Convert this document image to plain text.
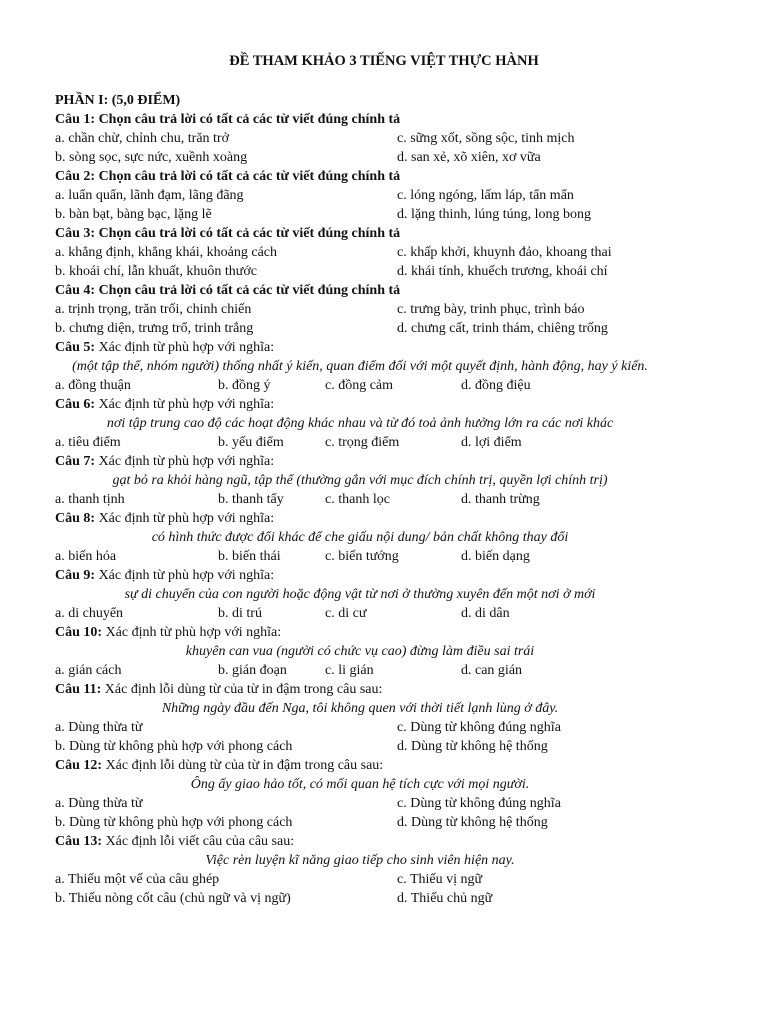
ĐỀ THAM KHẢO 3 TIẾNG VIỆT THỰC HÀNH
PHẦN I: (5,0 ĐIỂM)
Câu 1: Chọn câu trả lời có tất cả các từ viết đúng chính tả
a. chần chừ, chỉnh chu, trăn trở	c. sững xốt, sồng sộc, tinh mịch
b. sòng sọc, sực nức, xuềnh xoàng	d. san xẻ, xõ xiên, xơ vữa
Câu 2: Chọn câu trả lời có tất cả các từ viết đúng chính tả
a. luẩn quẩn, lãnh đạm, lãng đãng	c. lóng ngóng, lấm láp, tẩn mẩn
b. bàn bạt, bàng bạc, lặng lẽ	d. lặng thinh, lúng túng, long bong
Câu 3: Chọn câu trả lời có tất cả các từ viết đúng chính tả
a. khẳng định, khẳng khái, khoảng cách	c. khấp khởi, khuynh đảo, khoang thai
b. khoái chí, lẫn khuất, khuôn thước	d. khái tính, khuếch trương, khoái chí
Câu 4: Chọn câu trả lời có tất cả các từ viết đúng chính tả
a. trịnh trọng, trăn trối, chinh chiến	c. trưng bày, trinh phục, trình báo
b. chưng diện, trưng trổ, trinh trắng	d. chưng cất, trinh thám, chiêng trống
Câu 5: Xác định từ phù hợp với nghĩa:
(một tập thể, nhóm người) thống nhất ý kiến, quan điểm đối với một quyết định, hành động, hay ý kiến.
a. đồng thuận	b. đồng ý	c. đồng cảm	d. đồng điệu
Câu 6: Xác định từ phù hợp với nghĩa:
nơi tập trung cao độ các hoạt động khác nhau và từ đó toả ảnh hưởng lớn ra các nơi khác
a. tiêu điểm	b. yếu điểm	c. trọng điểm	d. lợi điểm
Câu 7: Xác định từ phù hợp với nghĩa:
gạt bỏ ra khỏi hàng ngũ, tập thể (thường gắn với mục đích chính trị, quyền lợi chính trị)
a. thanh tịnh	b. thanh tẩy	c. thanh lọc	d. thanh trừng
Câu 8: Xác định từ phù hợp với nghĩa:
có hình thức được đổi khác để che giấu nội dung/ bản chất không thay đổi
a. biến hóa	b. biến thái	c. biến tướng	d. biến dạng
Câu 9: Xác định từ phù hợp với nghĩa:
sự di chuyển của con người hoặc động vật từ nơi ở thường xuyên đến một nơi ở mới
a. di chuyển	b. di trú	c. di cư	d. di dân
Câu 10: Xác định từ phù hợp với nghĩa:
khuyên can vua (người có chức vụ cao) đừng làm điều sai trái
a. gián cách	b. gián đoạn	c. li gián	d. can gián
Câu 11: Xác định lỗi dùng từ của từ in đậm trong câu sau:
Những ngày đầu đến Nga, tôi không quen với thời tiết lạnh lùng ở đây.
a. Dùng thừa từ	c. Dùng từ không đúng nghĩa
b. Dùng từ không phù hợp với phong cách	d. Dùng từ không hệ thống
Câu 12: Xác định lỗi dùng từ của từ in đậm trong câu sau:
Ông ấy giao hảo tốt, có mối quan hệ tích cực với mọi người.
a. Dùng thừa từ	c. Dùng từ không đúng nghĩa
b. Dùng từ không phù hợp với phong cách	d. Dùng từ không hệ thống
Câu 13: Xác định lỗi viết câu của câu sau:
Việc rèn luyện kĩ năng giao tiếp cho sinh viên hiện nay.
a. Thiếu một vế của câu ghép	c. Thiếu vị ngữ
b. Thiếu nòng cốt câu (chủ ngữ và vị ngữ)	d. Thiếu chủ ngữ
